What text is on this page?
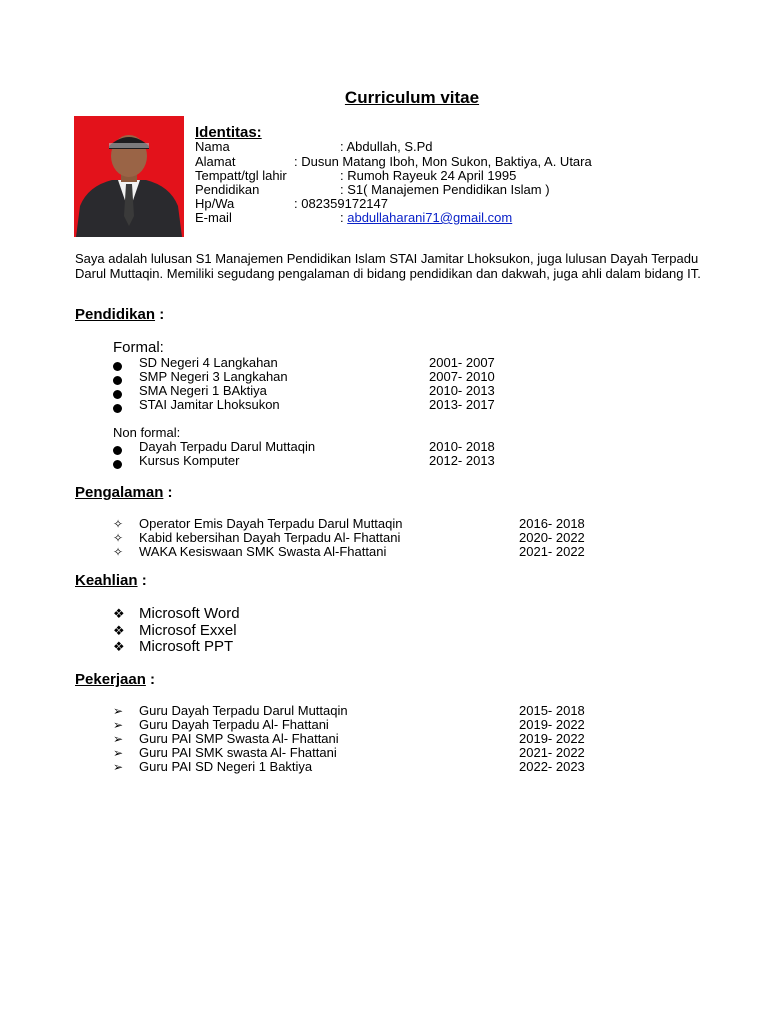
Curriculum vitae
Identitas:
Nama	: Abdullah, S.Pd
Alamat	: Dusun Matang Iboh, Mon Sukon, Baktiya, A. Utara
Tempatt/tgl lahir	: Rumoh Rayeuk 24 April 1995
Pendidikan	: S1( Manajemen Pendidikan Islam )
Hp/Wa	: 082359172147
E-mail	: abdullaharani71@gmail.com
Saya adalah lulusan S1 Manajemen Pendidikan Islam STAI Jamitar Lhoksukon, juga lulusan Dayah Terpadu Darul Muttaqin. Memiliki segudang pengalaman di bidang pendidikan dan dakwah, juga ahli dalam bidang IT.
Pendidikan :
Formal:
SD Negeri 4 Langkahan	2001- 2007
SMP Negeri 3 Langkahan	2007- 2010
SMA Negeri 1 BAktiya	2010- 2013
STAI Jamitar Lhoksukon	2013- 2017
Non formal:
Dayah Terpadu Darul Muttaqin	2010- 2018
Kursus Komputer	2012- 2013
Pengalaman :
✧ Operator Emis Dayah Terpadu Darul Muttaqin	2016- 2018
✧ Kabid kebersihan Dayah Terpadu Al- Fhattani	2020- 2022
✧ WAKA Kesiswaan SMK Swasta Al-Fhattani	2021- 2022
Keahlian :
❖ Microsoft Word
❖ Microsof Exxel
❖ Microsoft PPT
Pekerjaan :
➢ Guru Dayah Terpadu Darul Muttaqin	2015- 2018
➢ Guru Dayah Terpadu Al- Fhattani	2019- 2022
➢ Guru PAI SMP Swasta Al- Fhattani	2019- 2022
➢ Guru PAI SMK swasta Al- Fhattani	2021- 2022
➢ Guru PAI SD Negeri 1 Baktiya	2022- 2023
